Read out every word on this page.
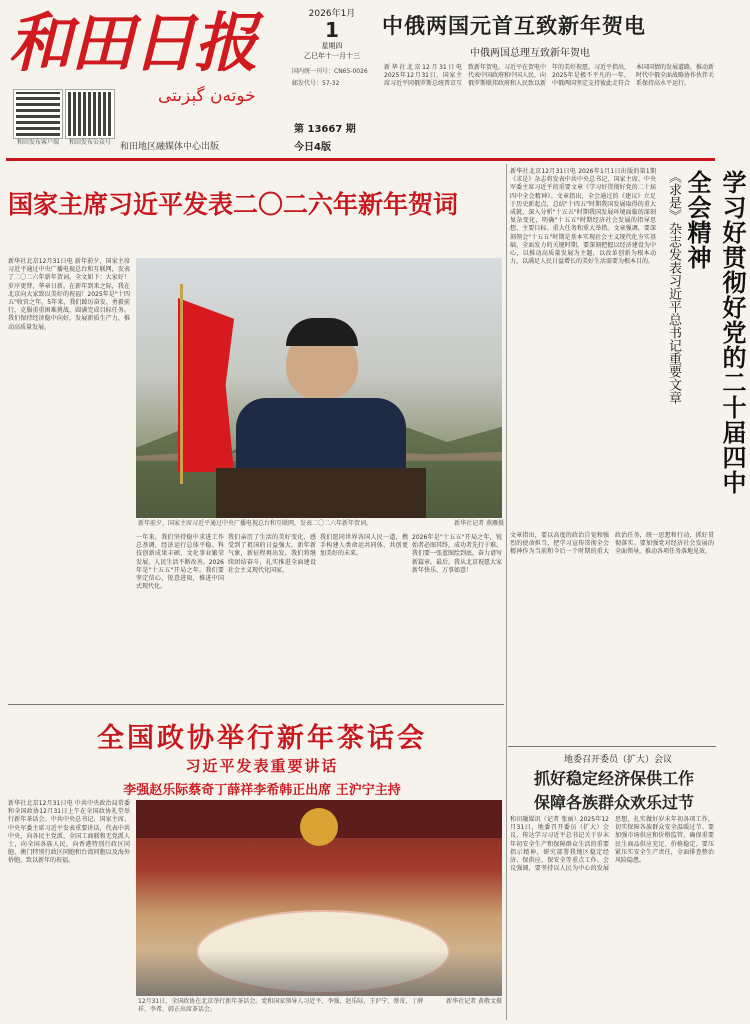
和田日报
خوتەن گېزىتى
和田发布客户端	和田发布公众号	和田地区融媒体中心出版
2026年1月
1
星期四
乙巳年十一月十三
国内统一刊号：CN65-0026
邮发代号：57-32
第 13667 期
今日4版
中俄两国元首互致新年贺电
中俄两国总理互致新年贺电
新华社北京12月31日电 2025年12月31日，国家主席习近平同俄罗斯总统普京互致新年贺电。习近平在贺电中代表中国政府和中国人民，向俄罗斯联邦政府和人民致以新年的美好祝愿。习近平指出，2025年是极不平凡的一年，中俄两国坚定支持彼此走符合本国国情的发展道路，推动新时代中俄全面战略协作伙伴关系保持高水平运行。
国家主席习近平发表二〇二六年新年贺词
新华社北京12月31日电 新年前夕，国家主席习近平通过中央广播电视总台和互联网，发表了二〇二六年新年贺词。全文如下：大家好！岁序更替，华章日新。在新年到来之际，我在北京向大家致以美好的祝福！2025年是"十四五"收官之年。5年来，我们踔厉奋发、勇毅前行，克服重重困难挑战，圆满完成目标任务。我们保持经济稳中向好，发展新质生产力，推动高质量发展。
新年前夕，国家主席习近平通过中央广播电视总台和互联网，发表二〇二六年新年贺词。	新华社记者 燕雁摄
一年来，我们坚持稳中求进工作总基调，经济运行总体平稳。科技创新成果丰硕，文化事业繁荣发展，人民生活不断改善。2026年是"十五五"开局之年。我们要坚定信心，锐意进取，推进中国式现代化。
我们亲历了生活的美好变化，感受到了祖国的日益强大。新年新气象，新征程再出发。我们将继续团结奋斗，扎实推进全面建设社会主义现代化国家。
我们愿同世界各国人民一道，携手构建人类命运共同体，共创更加美好的未来。
2026年是"十五五"开局之年，锐始者必图其终，成功者先行于难。我们要一张蓝图绘到底，奋力谱写新篇章。最后，我从北京祝愿大家新年快乐、万事如意！
《求是》杂志发表习近平总书记重要文章	学习好贯彻好党的二十届四中全会精神
新华社北京12月31日电 2026年1月1日出版的第1期《求是》杂志将发表中共中央总书记、国家主席、中央军委主席习近平的重要文章《学习好贯彻好党的二十届四中全会精神》。文章指出，全会通过的《建议》立足于历史新起点，总结"十四五"时期我国发展取得的重大成就，深入分析"十五五"时期我国发展环境面临的深刻复杂变化，明确"十五五"时期经济社会发展的指导思想、主要目标、重大任务和重大举措。文章强调，要深刻领会"十五五"时期是基本实现社会主义现代化夯实基础、全面发力的关键时期，要深刻把握以经济建设为中心，以推动高质量发展为主题，以改革创新为根本动力，以满足人民日益增长的美好生活需要为根本目的。
文章指出，要以高度的政治自觉和强烈的使命担当，把学习宣传贯彻全会精神作为当前和今后一个时期的重大政治任务，统一思想和行动，抓好贯彻落实。要加强党对经济社会发展的全面领导，推动各项任务落地见效。
全国政协举行新年茶话会
习近平发表重要讲话
李强赵乐际蔡奇丁薛祥李希韩正出席 王沪宁主持
新华社北京12月31日电 中共中央政治局常委和全国政协12月31日上午在全国政协礼堂举行新年茶话会。中共中央总书记、国家主席、中央军委主席习近平发表重要讲话，代表中共中央，向各民主党派、全国工商联和无党派人士，向全国各族人民，向香港特别行政区同胞、澳门特别行政区同胞和台湾同胞以及海外侨胞，致以新年的祝福。
12月31日，全国政协在北京举行新年茶话会。党和国家领导人习近平、李强、赵乐际、王沪宁、蔡奇、丁薛祥、李希、韩正出席茶话会。
新华社记者 黄敬文摄
地委召开委员（扩大）会议
抓好稳定经济保供工作
保障各族群众欢乐过节
和田融媒讯（记者 张丽）2025年12月31日，地委召开委员（扩大）会议，传达学习习近平总书记关于岁末年初安全生产和保障群众生活的重要指示精神，研究部署我地区稳定经济、保供应、保安全等重点工作。会议强调，要坚持以人民为中心的发展思想，扎实做好岁末年初各项工作，切实保障各族群众安全温暖过节。要加强市场供应和价格监管，确保重要民生商品供应充足、价格稳定。要压紧压实安全生产责任，全面排查整治风险隐患。
